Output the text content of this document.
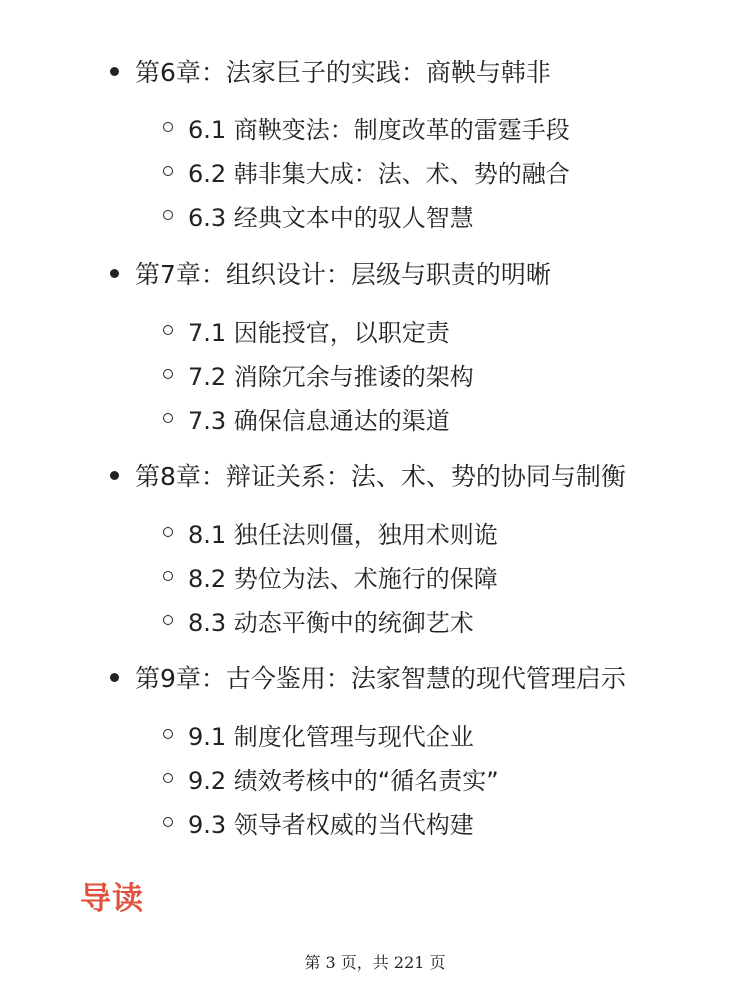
第6章：法家巨子的实践：商鞅与韩非
6.1 商鞅变法：制度改革的雷霆手段
6.2 韩非集大成：法、术、势的融合
6.3 经典文本中的驭人智慧
第7章：组织设计：层级与职责的明晰
7.1 因能授官，以职定责
7.2 消除冗余与推诿的架构
7.3 确保信息通达的渠道
第8章：辩证关系：法、术、势的协同与制衡
8.1 独任法则僵，独用术则诡
8.2 势位为法、术施行的保障
8.3 动态平衡中的统御艺术
第9章：古今鉴用：法家智慧的现代管理启示
9.1 制度化管理与现代企业
9.2 绩效考核中的“循名责实”
9.3 领导者权威的当代构建
导读
第 3 页，共 221 页
